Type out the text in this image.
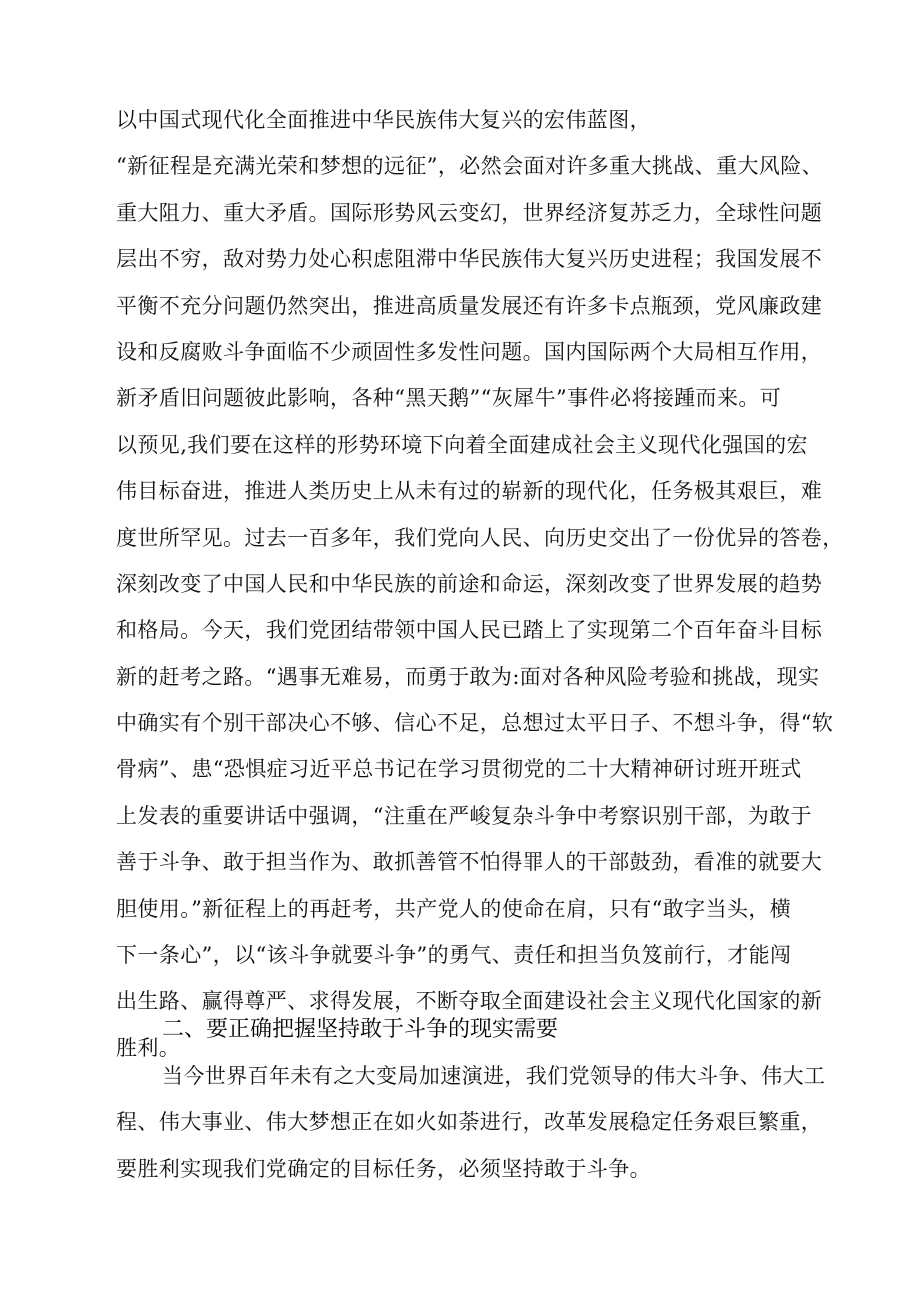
以中国式现代化全面推进中华民族伟大复兴的宏伟蓝图，
“新征程是充满光荣和梦想的远征”，必然会面对许多重大挑战、重大风险、
重大阻力、重大矛盾。国际形势风云变幻，世界经济复苏乏力，全球性问题
层出不穷，敌对势力处心积虑阻滞中华民族伟大复兴历史进程；我国发展不
平衡不充分问题仍然突出，推进高质量发展还有许多卡点瓶颈，党风廉政建
设和反腐败斗争面临不少顽固性多发性问题。国内国际两个大局相互作用，
新矛盾旧问题彼此影响，各种“黑天鹅”“灰犀牛”事件必将接踵而来。可
以预见,我们要在这样的形势环境下向着全面建成社会主义现代化强国的宏
伟目标奋进，推进人类历史上从未有过的崭新的现代化，任务极其艰巨，难
度世所罕见。过去一百多年，我们党向人民、向历史交出了一份优异的答卷，
深刻改变了中国人民和中华民族的前途和命运，深刻改变了世界发展的趋势
和格局。今天，我们党团结带领中国人民已踏上了实现第二个百年奋斗目标
新的赶考之路。“遇事无难易，而勇于敢为:面对各种风险考验和挑战，现实
中确实有个别干部决心不够、信心不足，总想过太平日子、不想斗争，得“软
骨病”、患“恐惧症习近平总书记在学习贯彻党的二十大精神研讨班开班式
上发表的重要讲话中强调，“注重在严峻复杂斗争中考察识别干部，为敢于
善于斗争、敢于担当作为、敢抓善管不怕得罪人的干部鼓劲，看准的就要大
胆使用。”新征程上的再赶考，共产党人的使命在肩，只有“敢字当头，横
下一条心”，以“该斗争就要斗争”的勇气、责任和担当负笈前行，才能闯
出生路、赢得尊严、求得发展，不断夺取全面建设社会主义现代化国家的新
胜利。
二、要正确把握坚持敢于斗争的现实需要
当今世界百年未有之大变局加速演进，我们党领导的伟大斗争、伟大工
程、伟大事业、伟大梦想正在如火如荼进行，改革发展稳定任务艰巨繁重，
要胜利实现我们党确定的目标任务，必须坚持敢于斗争。
